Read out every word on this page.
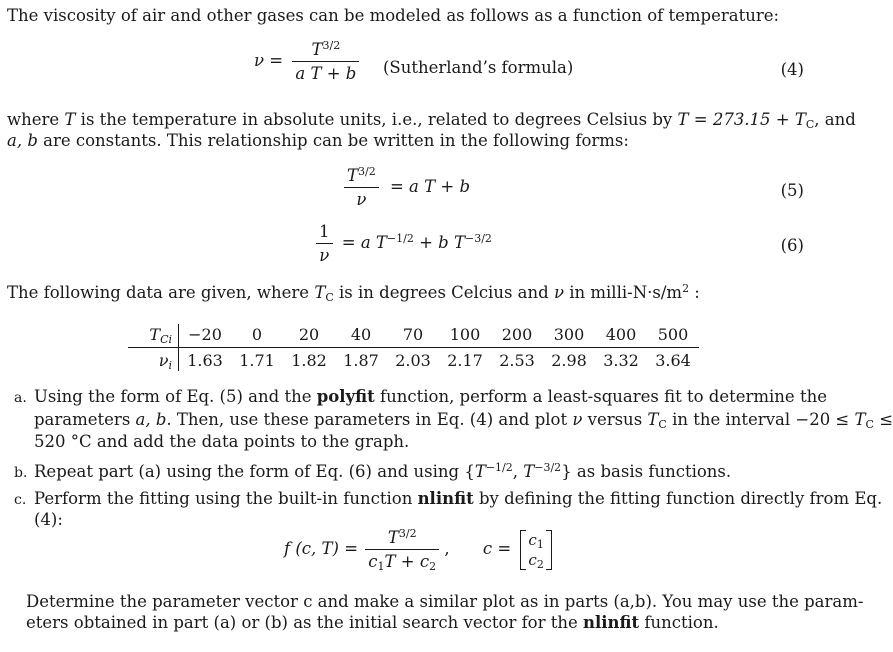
The viscosity of air and other gases can be modeled as follows as a function of temperature:
$\nu = \frac{T^{3/2}}{\text{a T + b}}$ (Sutherland’s formula)	(4)
where T is the temperature in absolute units, i.e., related to degrees Celsius by $T = 273.15 + T_C$, and
a, b are constants. This relationship can be written in the following forms:
$\frac{T^{3/2}}{\nu} = a$ T + b	(5)
$\frac{1}{\nu} = a$ $T^{-1/2} + b$ $T^{-3/2}$	(6)
The following data are given, where $T_C$ is in degrees Celcius and ν in milli-$N\cdot s/m^2$ :
$T_{Ci}$	−20	0	20	40	70	100	200	300	400	500
$\nu_i$	1.63	1.71	1.82	1.87	2.03	2.17	2.53	2.98	3.32	3.64
a. Using the form of Eq. (5) and the polyfit function, perform a least-squares fit to determine the
parameters a, b. Then, use these parameters in Eq. (4) and plot ν versus $T_C$ in the interval $-20 \le T_C$ ≤
520 °C and add the data points to the graph.
b. Repeat part (a) using the form of Eq. (6) and using {$T^{-1/2}$, $T^{-3/2}$} as basis functions.
c. Perform the fitting using the built-in function nlinfit by defining the fitting function directly from Eq.
(4):
f (c, $T) = \frac{T^{3/2}}{c_1T + c_2}$ , $c = c_1$
$c_2$
Determine the parameter vector c and make a similar plot as in parts (a,b). You may use the param-
eters obtained in part (a) or (b) as the initial search vector for the nlinfit function.
